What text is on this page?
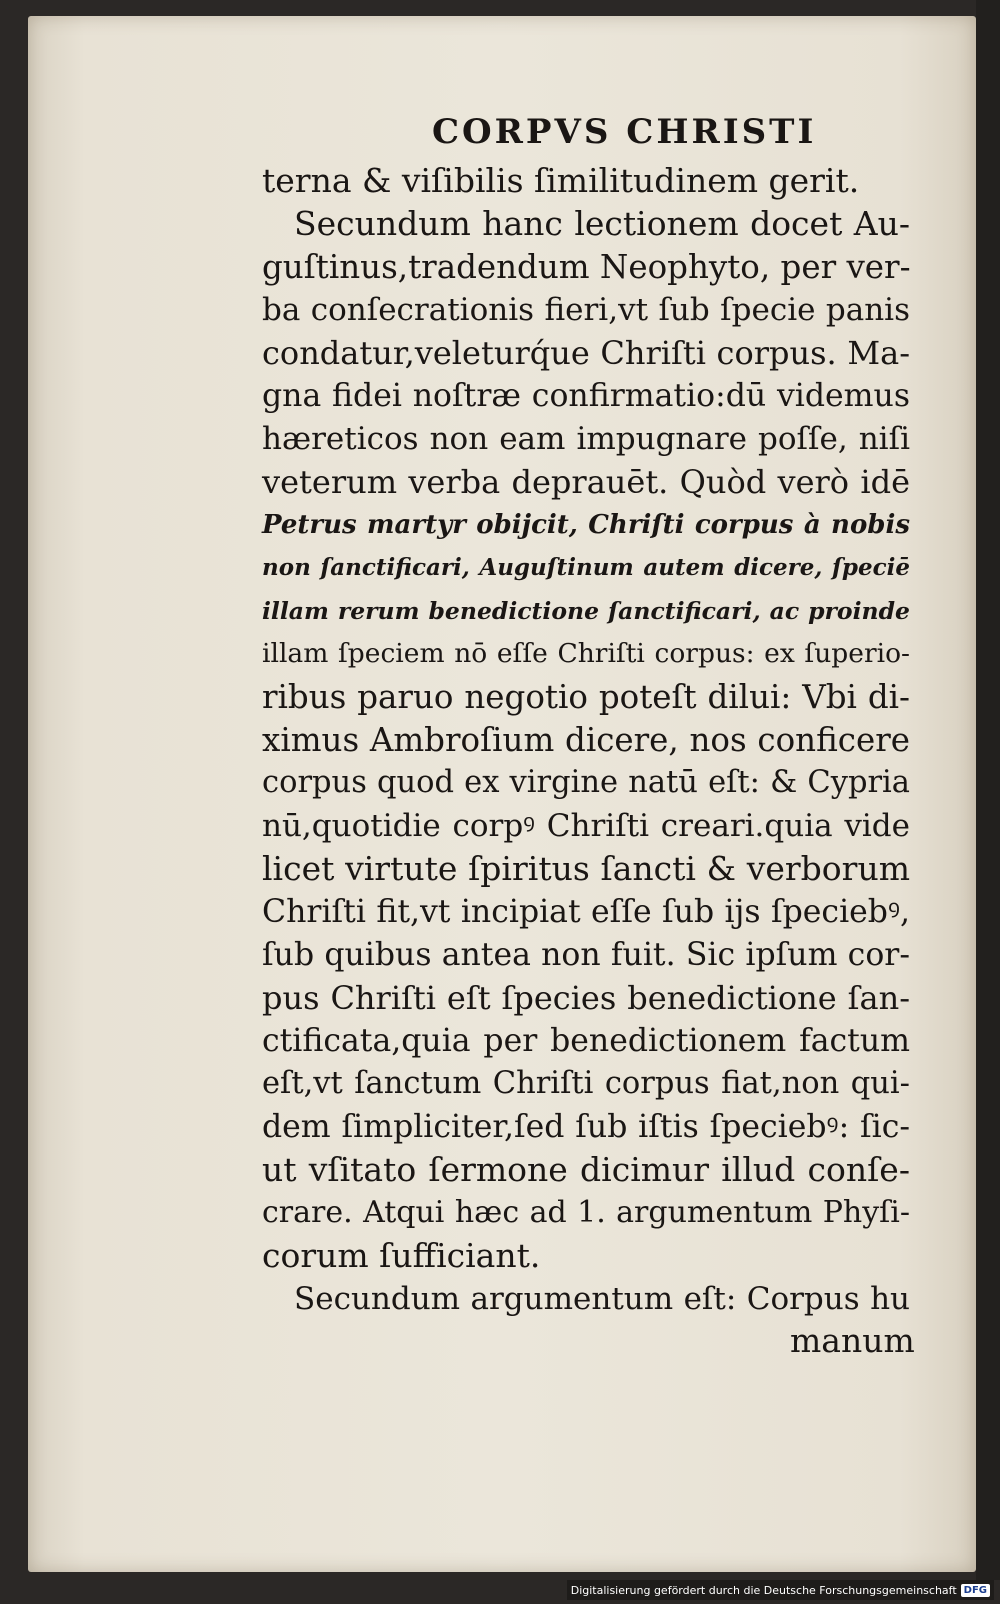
CORPVS CHRISTI
terna & viſibilis ſimilitudinem gerit.
Secundum hanc lectionem docet Au-
guſtinus,tradendum Neophyto, per ver-
ba conſecrationis fieri,vt ſub ſpecie panis
condatur,veleturq́ue Chriſti corpus. Ma-
gna fidei noſtræ confirmatio:dū videmus
hæreticos non eam impugnare poſſe, niſi
veterum verba deprauēt. Quòd verò idē
Petrus martyr obijcit, Chriſti corpus à nobis
non ſanctificari, Auguſtinum autem dicere, ſpeciē
illam rerum benedictione ſanctificari, ac proinde
illam ſpeciem nō eſſe Chriſti corpus: ex ſuperio-
ribus paruo negotio poteſt dilui: Vbi di-
ximus Ambroſium dicere, nos conficere
corpus quod ex virgine natū eſt: & Cypria
nū,quotidie corpꝰ Chriſti creari.quia vide
licet virtute ſpiritus ſancti & verborum
Chriſti fit,vt incipiat eſſe ſub ijs ſpeciebꝰ,
ſub quibus antea non fuit. Sic ipſum cor-
pus Chriſti eſt ſpecies benedictione ſan-
ctificata,quia per benedictionem factum
eſt,vt ſanctum Chriſti corpus fiat,non qui-
dem ſimpliciter,ſed ſub iſtis ſpeciebꝰ: ſic-
ut vſitato ſermone dicimur illud conſe-
crare. Atqui hæc ad 1. argumentum Phyſi-
corum ſufficiant.
Secundum argumentum eſt: Corpus hu
manum
Digitalisierung gefördert durch die Deutsche Forschungsgemeinschaft DFG
